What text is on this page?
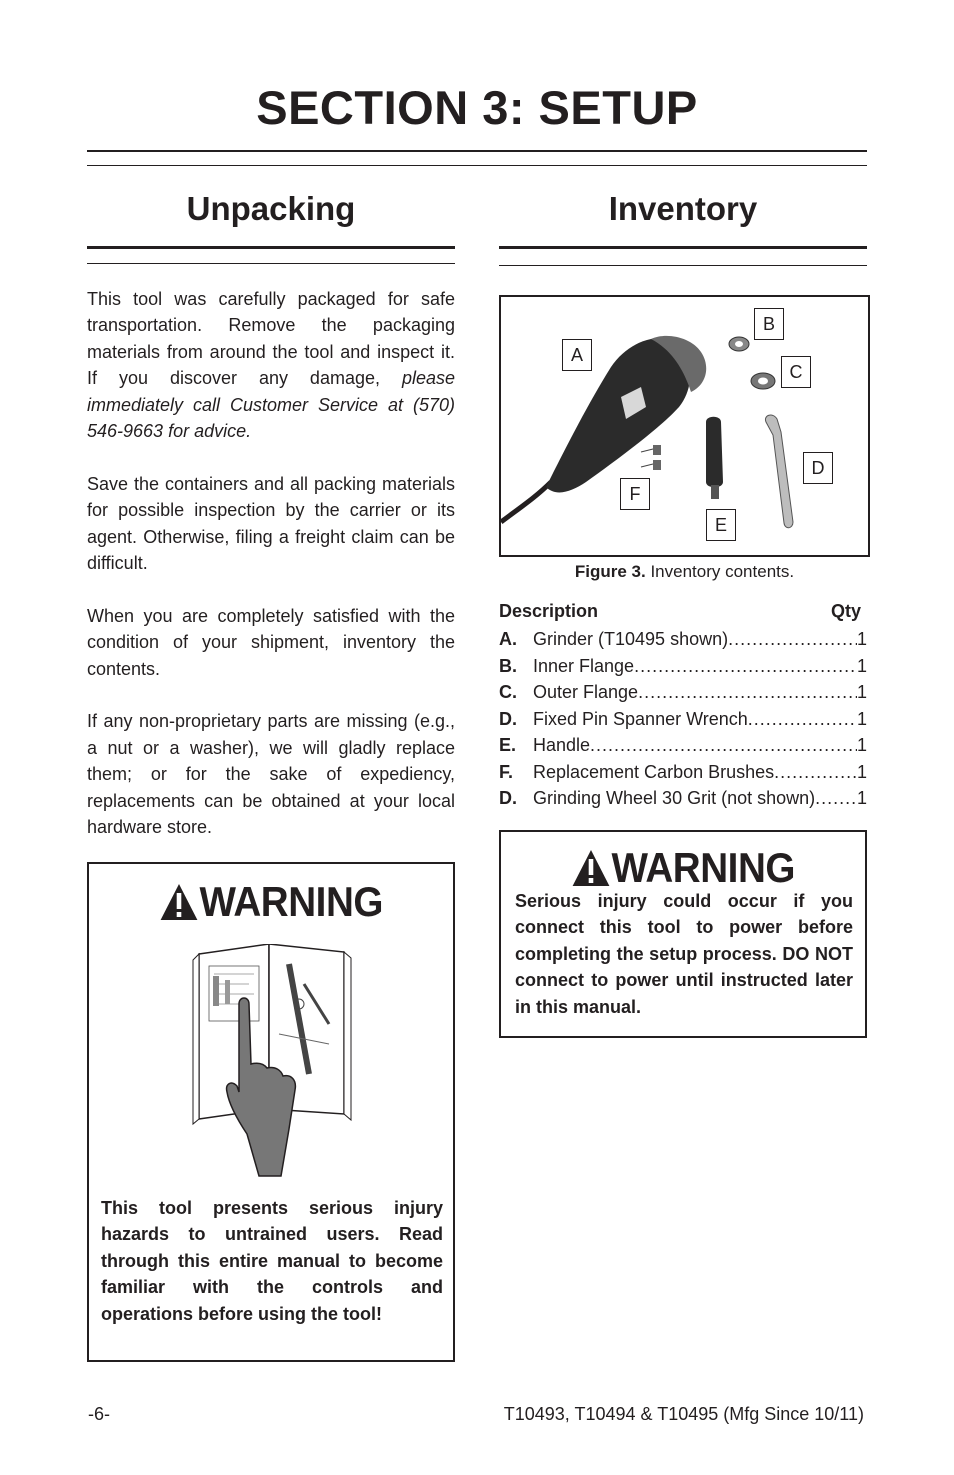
SECTION 3: SETUP
Unpacking	Inventory

This tool was carefully packaged for safe transportation. Remove the packaging materials from around the tool and inspect it. If you discover any damage, please immediately call Customer Service at (570) 546-9663 for advice.

Save the containers and all packing materials for possible inspection by the carrier or its agent. Otherwise, filing a freight claim can be difficult.

When you are completely satisfied with the condition of your shipment, inventory the contents.

If any non-proprietary parts are missing (e.g., a nut or a washer), we will gladly replace them; or for the sake of expediency, replacements can be obtained at your local hardware store.

WARNING
This tool presents serious injury hazards to untrained users. Read through this entire manual to become familiar with the controls and operations before using the tool!
A
B
C
D
E
F
Figure 3. Inventory contents.
Description	Qty
A. Grinder (T10495 shown) .....	1
B. Inner Flange .....	1
C. Outer Flange .....	1
D. Fixed Pin Spanner Wrench .....	1
E. Handle .....	1
F.	Replacement Carbon Brushes .....	1
D. Grinding Wheel 30 Grit (not shown) ..... 1
WARNING
Serious injury could occur if you connect this tool to power before completing the setup process. DO NOT connect to power until instructed later in this manual.
-6-	T10493, T10494 & T10495 (Mfg Since 10/11)
